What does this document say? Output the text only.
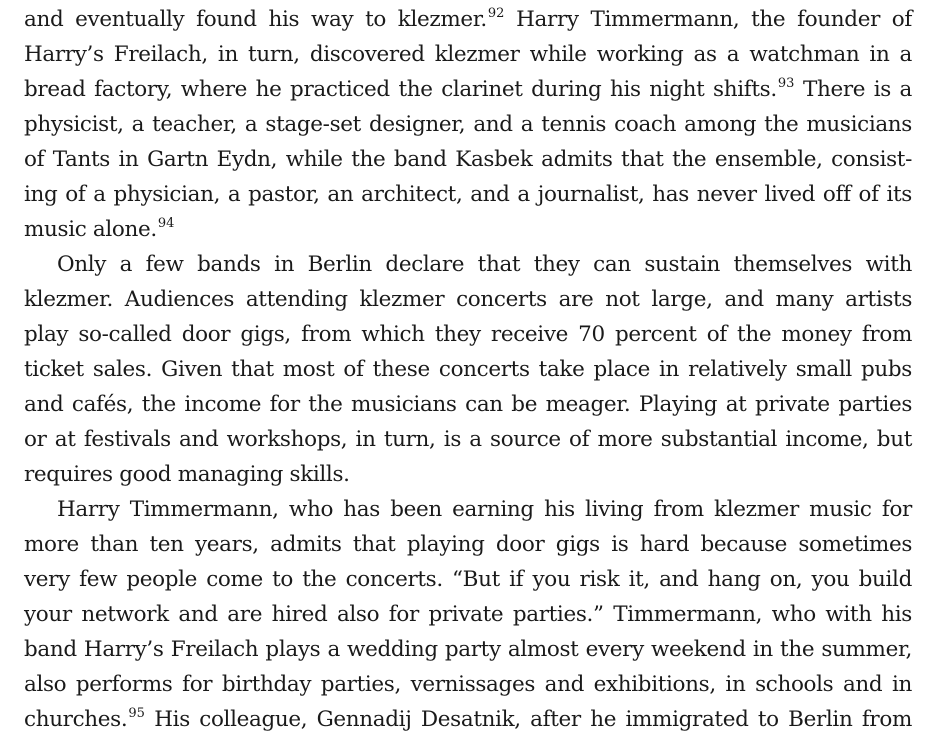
and eventually found his way to klezmer.$^{92}$ Harry Timmermann, the founder of
Harry’s Freilach, in turn, discovered klezmer while working as a watchman in a
bread factory, where he practiced the clarinet during his night shifts.$^{93}$ There is a
physicist, a teacher, a stage-set designer, and a tennis coach among the musicians
of Tants in Gartn Eydn, while the band Kasbek admits that the ensemble, consist-
ing of a physician, a pastor, an architect, and a journalist, has never lived off of its
music alone.$^{94}$
Only a few bands in Berlin declare that they can sustain themselves with
klezmer. Audiences attending klezmer concerts are not large, and many artists
play so-called door gigs, from which they receive 70 percent of the money from
ticket sales. Given that most of these concerts take place in relatively small pubs
and cafés, the income for the musicians can be meager. Playing at private parties
or at festivals and workshops, in turn, is a source of more substantial income, but
requires good managing skills.
Harry Timmermann, who has been earning his living from klezmer music for
more than ten years, admits that playing door gigs is hard because sometimes
very few people come to the concerts. “But if you risk it, and hang on, you build
your network and are hired also for private parties.” Timmermann, who with his
band Harry’s Freilach plays a wedding party almost every weekend in the summer,
also performs for birthday parties, vernissages and exhibitions, in schools and in
churches.$^{95}$ His colleague, Gennadij Desatnik, after he immigrated to Berlin from
